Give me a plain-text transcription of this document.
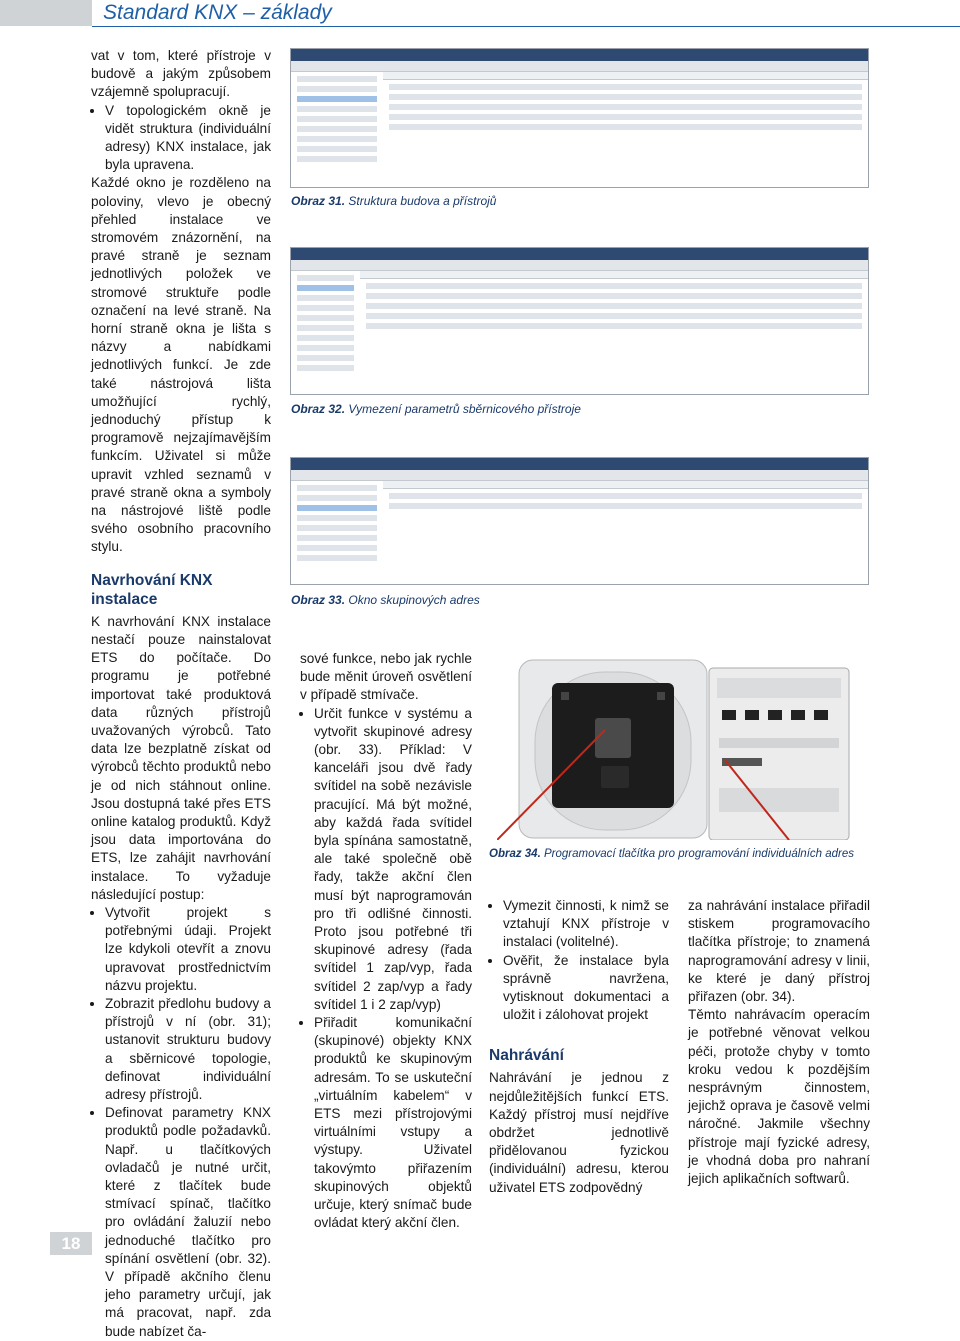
Standard KNX – základy

vat v tom, které přístroje v budově a jakým způsobem vzájemně spolupracují.

• V topologickém okně je vidět struktura (individuální adresy) KNX instalace, jak byla upravena.

Každé okno je rozděleno na poloviny, vlevo je obecný přehled instalace ve stromovém znázornění, na pravé straně je seznam jednotlivých položek ve stromové struktuře podle označení na levé straně. Na horní straně okna je lišta s názvy a nabídkami jednotlivých funkcí. Je zde také nástrojová lišta umožňující rychlý, jednoduchý přístup k programově nejzajímavějším funkcím. Uživatel si může upravit vzhled seznamů v pravé straně okna a symboly na nástrojové liště podle svého osobního pracovního stylu.

Navrhování KNX instalace

K navrhování KNX instalace nestačí pouze nainstalovat ETS do počítače. Do programu je potřebné importovat také produktová data různých přístrojů uvažovaných výrobců. Tato data lze bezplatně získat od výrobců těchto produktů nebo je od nich stáhnout online. Jsou dostupná také přes ETS online katalog produktů. Když jsou data importována do ETS, lze zahájit navrhování instalace. To vyžaduje následující postup:

• Vytvořit projekt s potřebnými údaji. Projekt lze kdykoli otevřít a znovu upravovat prostřednictvím názvu projektu.
• Zobrazit předlohu budovy a přístrojů v ní (obr. 31); ustanovit strukturu budovy a sběrnicové topologie, definovat individuální adresy přístrojů.
• Definovat parametry KNX produktů podle požadavků. Např. u tlačítkových ovladačů je nutné určit, které z tlačítek bude stmívací spínač, tlačítko pro ovládání žaluzií nebo jednoduché tlačítko pro spínání osvětlení (obr. 32). V případě akčního členu jeho parametry určují, jak má pracovat, např. zda bude nabízet ča-
Obraz 31. Struktura budova a přístrojů
Obraz 32. Vymezení parametrů sběrnicového přístroje
Obraz 33. Okno skupinových adres
Obraz 34. Programovací tlačítka pro programování individuálních adres

sové funkce, nebo jak rychle bude měnit úroveň osvětlení v případě stmívače.

• Určit funkce v systému a vytvořit skupinové adresy (obr. 33). Příklad: V kanceláři jsou dvě řady svítidel na sobě nezávisle pracující. Má být možné, aby každá řada svítidel byla spínána samostatně, ale také společně obě řady, takže akční člen musí být naprogramován pro tři odlišné činnosti. Proto jsou potřebné tři skupinové adresy (řada svítidel 1 zap/vyp, řada svítidel 2 zap/vyp a řady svítidel 1 i 2 zap/vyp)
• Přiřadit komunikační (skupinové) objekty KNX produktů ke skupinovým adresám. To se uskuteční „virtuálním kabelem“ v ETS mezi přístrojovými virtuálními vstupy a výstupy. Uživatel takovýmto přiřazením skupinových objektů určuje, který snímač bude ovládat který akční člen.
• Vymezit činnosti, k nimž se vztahují KNX přístroje v instalaci (volitelné).
• Ověřit, že instalace byla správně navržena, vytisknout dokumentaci a uložit i zálohovat projekt

Nahrávání

Nahrávání je jednou z nejdůležitějších funkcí ETS. Každý přístroj musí nejdříve obdržet jednotlivě přidělovanou fyzickou (individuální) adresu, kterou uživatel ETS zodpovědný

za nahrávání instalace přiřadil stiskem programovacího tlačítka přístroje; to znamená naprogramování adresy v linii, ke které je daný přístroj přiřazen (obr. 34).

Těmto nahrávacím operacím je potřebné věnovat velkou péči, protože chyby v tomto kroku vedou k pozdějším nesprávným činnostem, jejichž oprava je časově velmi náročné. Jakmile všechny přístroje mají fyzické adresy, je vhodná doba pro nahraní jejich aplikačních softwarů.

18
